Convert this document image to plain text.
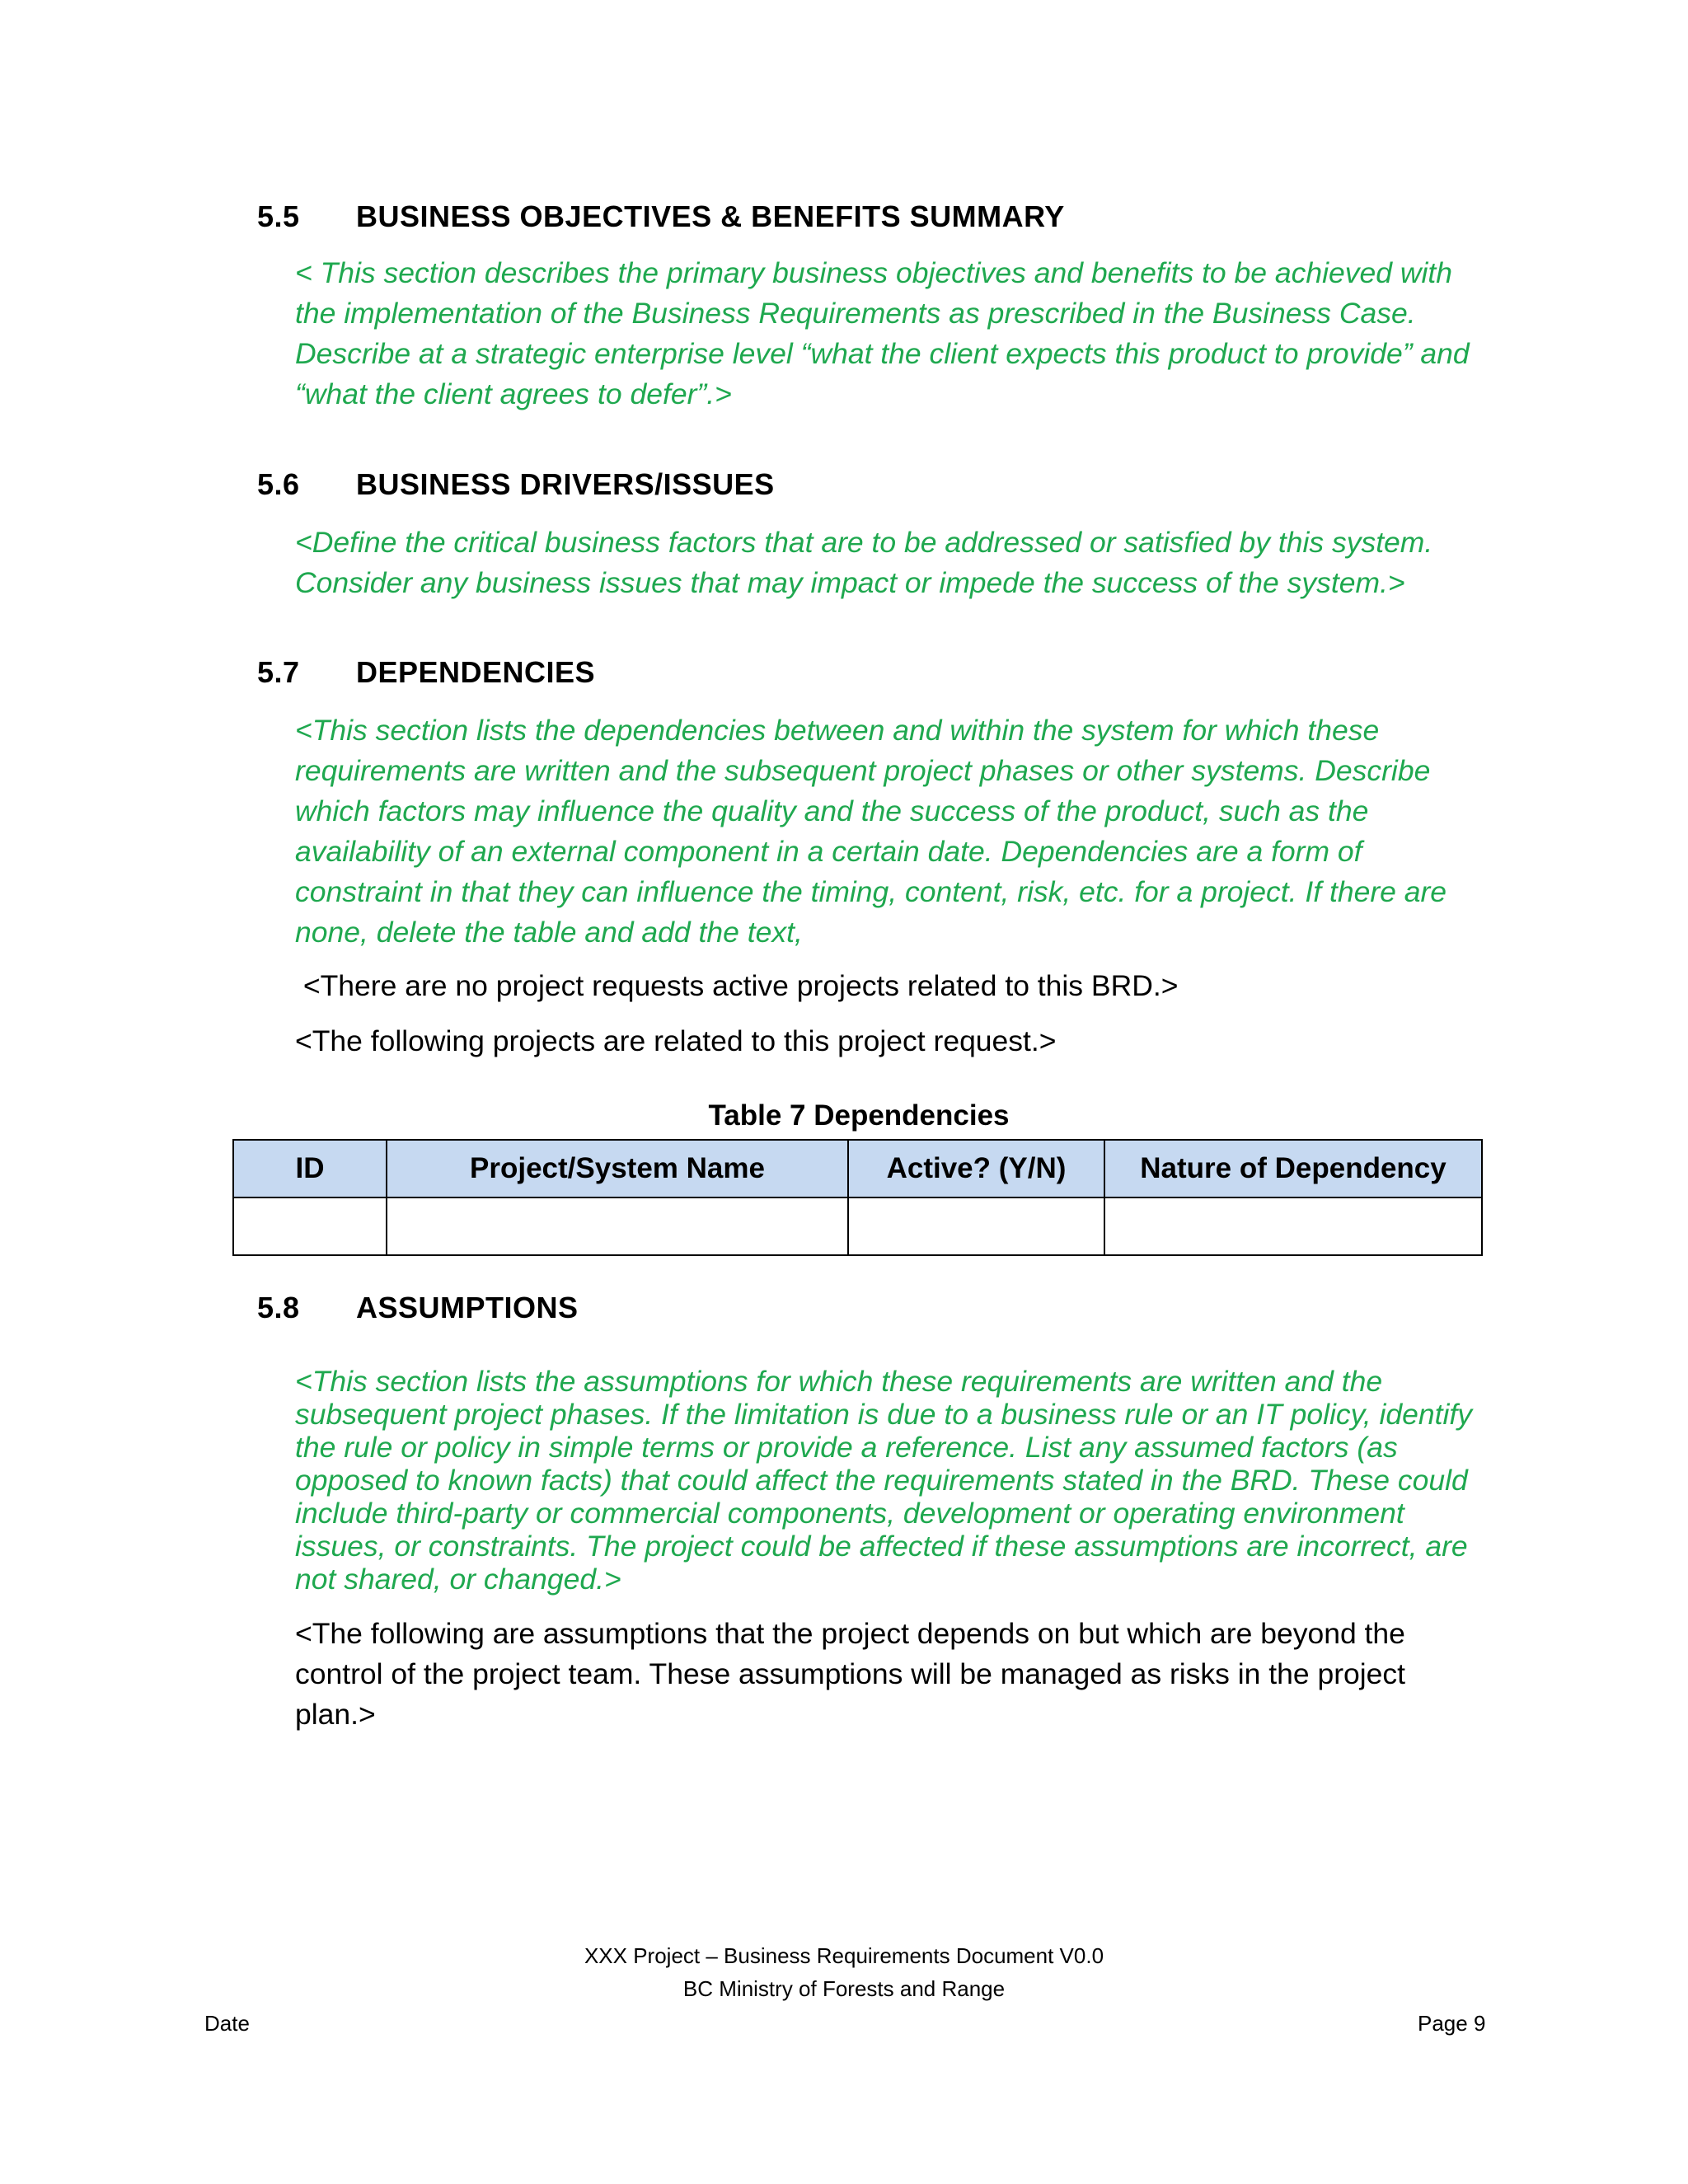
5.5 BUSINESS OBJECTIVES & BENEFITS SUMMARY

< This section describes the primary business objectives and benefits to be achieved with the implementation of the Business Requirements as prescribed in the Business Case. Describe at a strategic enterprise level “what the client expects this product to provide” and “what the client agrees to defer”.>

5.6 BUSINESS DRIVERS/ISSUES

<Define the critical business factors that are to be addressed or satisfied by this system. Consider any business issues that may impact or impede the success of the system.>

5.7 DEPENDENCIES

<This section lists the dependencies between and within the system for which these requirements are written and the subsequent project phases or other systems. Describe which factors may influence the quality and the success of the product, such as the availability of an external component in a certain date. Dependencies are a form of constraint in that they can influence the timing, content, risk, etc. for a project. If there are none, delete the table and add the text,

<There are no project requests active projects related to this BRD.>

<The following projects are related to this project request.>

Table 7 Dependencies
ID	Project/System Name	Active? (Y/N)	Nature of Dependency

5.8 ASSUMPTIONS

<This section lists the assumptions for which these requirements are written and the subsequent project phases. If the limitation is due to a business rule or an IT policy, identify the rule or policy in simple terms or provide a reference. List any assumed factors (as opposed to known facts) that could affect the requirements stated in the BRD. These could include third-party or commercial components, development or operating environment issues, or constraints. The project could be affected if these assumptions are incorrect, are not shared, or changed.>

<The following are assumptions that the project depends on but which are beyond the control of the project team. These assumptions will be managed as risks in the project plan.>

XXX Project – Business Requirements Document V0.0
BC Ministry of Forests and Range
Date	Page 9
